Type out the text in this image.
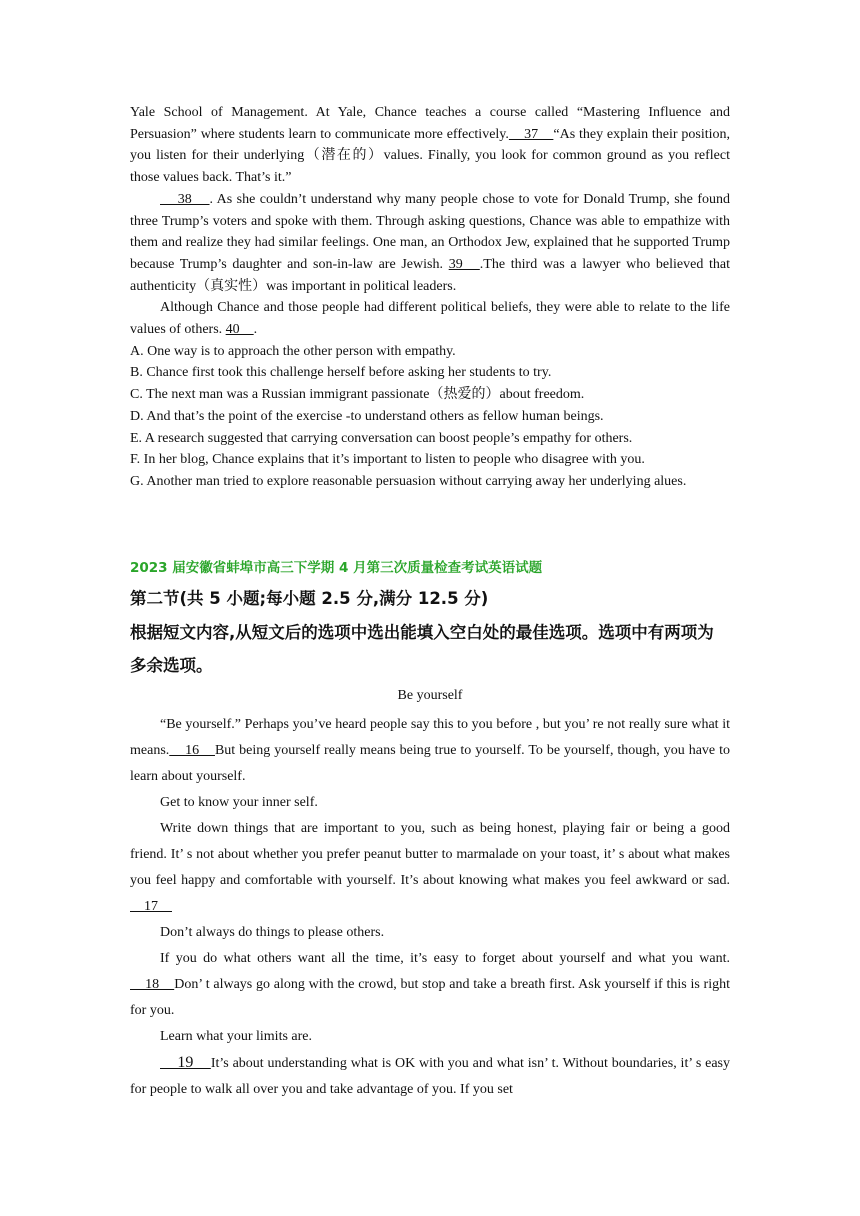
Yale School of Management. At Yale, Chance teaches a course called “Mastering Influence and Persuasion” where students learn to communicate more effectively.    37    “As they explain their position, you listen for their underlying（潜在的）values. Finally, you look for common ground as you reflect those values back. That’s it.”

38    . As she couldn’t understand why many people chose to vote for Donald Trump, she found three Trump’s voters and spoke with them. Through asking questions, Chance was able to empathize with them and realize they had similar feelings. One man, an Orthodox Jew, explained that he supported Trump because Trump’s daughter and son-in-law are Jewish. 39   .The third was a lawyer who believed that authenticity（真实性）was important in political leaders.

Although Chance and those people had different political beliefs, they were able to relate to the life values of others. 40    .

A. One way is to approach the other person with empathy.

B. Chance first took this challenge herself before asking her students to try.

C. The next man was a Russian immigrant passionate（热爱的）about freedom.

D. And that’s the point of the exercise -to understand others as fellow human beings.

E. A research suggested that carrying conversation can boost people’s empathy for others.

F. In her blog, Chance explains that it’s important to listen to people who disagree with you.

G. Another man tried to explore reasonable persuasion without carrying away her underlying alues.

2023 届安徽省蚌埠市高三下学期 4 月第三次质量检查考试英语试题
第二节(共 5 小题;每小题 2.5 分,满分 12.5 分)
根据短文内容,从短文后的选项中选出能填入空白处的最佳选项。选项中有两项为多余选项。
Be yourself

“Be yourself.” Perhaps you’ve heard people say this to you before , but you’ re not really sure what it means.    16    But being yourself really means being true to yourself. To be yourself, though, you have to learn about yourself.

Get to know your inner self.

Write down things that are important to you, such as being honest, playing fair or being a good friend. It’ s not about whether you prefer peanut butter to marmalade on your toast, it’ s about what makes you feel happy and comfortable with yourself. It’s about knowing what makes you feel awkward or sad.     17

Don’t always do things to please others.

If you do what others want all the time, it’s easy to forget about yourself and what you want.    18    Don’ t always go along with the crowd, but stop and take a breath first. Ask yourself if this is right for you.

Learn what your limits are.

19    It’s about understanding what is OK with you and what isn’ t. Without boundaries, it’ s easy for people to walk all over you and take advantage of you. If you set
